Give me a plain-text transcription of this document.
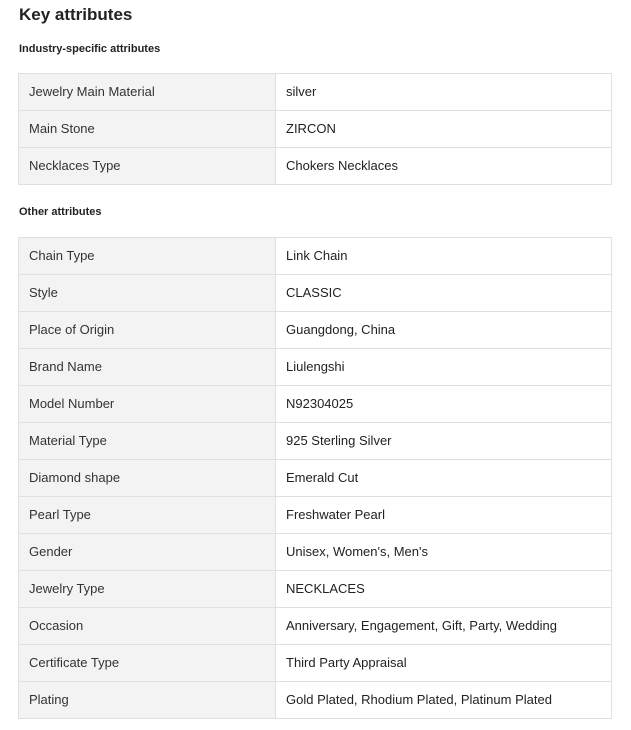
Key attributes
Industry-specific attributes
Jewelry Main Material	silver
Main Stone	ZIRCON
Necklaces Type	Chokers Necklaces
Other attributes
Chain Type	Link Chain
Style	CLASSIC
Place of Origin	Guangdong, China
Brand Name	Liulengshi
Model Number	N92304025
Material Type	925 Sterling Silver
Diamond shape	Emerald Cut
Pearl Type	Freshwater Pearl
Gender	Unisex, Women's, Men's
Jewelry Type	NECKLACES
Occasion	Anniversary, Engagement, Gift, Party, Wedding
Certificate Type	Third Party Appraisal
Plating	Gold Plated, Rhodium Plated, Platinum Plated
